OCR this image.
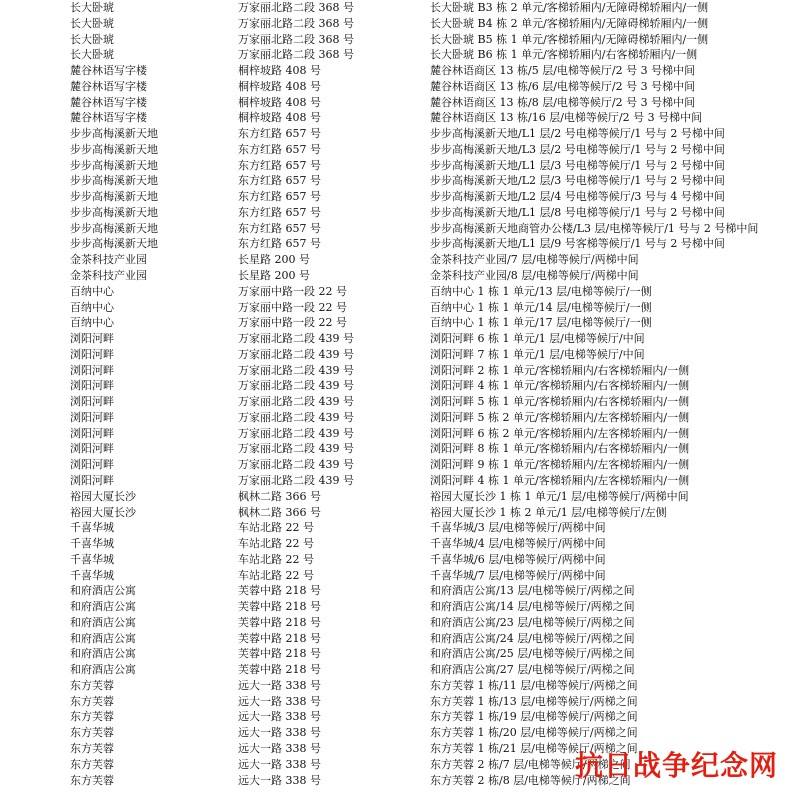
长大卧琥	万家丽北路二段 368 号	长大卧琥 B3 栋 2 单元/客梯轿厢内/无障碍梯轿厢内/一侧
长大卧琥	万家丽北路二段 368 号	长大卧琥 B4 栋 2 单元/客梯轿厢内/无障碍梯轿厢内/一侧
长大卧琥	万家丽北路二段 368 号	长大卧琥 B5 栋 1 单元/客梯轿厢内/无障碍梯轿厢内/一侧
长大卧琥	万家丽北路二段 368 号	长大卧琥 B6 栋 1 单元/客梯轿厢内/右客梯轿厢内/一侧
麓谷林语写字楼	桐梓坡路 408 号	麓谷林语商区 13 栋/5 层/电梯等候厅/2 号 3 号梯中间
麓谷林语写字楼	桐梓坡路 408 号	麓谷林语商区 13 栋/6 层/电梯等候厅/2 号 3 号梯中间
麓谷林语写字楼	桐梓坡路 408 号	麓谷林语商区 13 栋/8 层/电梯等候厅/2 号 3 号梯中间
麓谷林语写字楼	桐梓坡路 408 号	麓谷林语商区 13 栋/16 层/电梯等候厅/2 号 3 号梯中间
步步高梅溪新天地	东方红路 657 号	步步高梅溪新天地/L1 层/2 号电梯等候厅/1 号与 2 号梯中间
步步高梅溪新天地	东方红路 657 号	步步高梅溪新天地/L3 层/2 号电梯等候厅/1 号与 2 号梯中间
步步高梅溪新天地	东方红路 657 号	步步高梅溪新天地/L1 层/3 号电梯等候厅/1 号与 2 号梯中间
步步高梅溪新天地	东方红路 657 号	步步高梅溪新天地/L2 层/3 号电梯等候厅/1 号与 2 号梯中间
步步高梅溪新天地	东方红路 657 号	步步高梅溪新天地/L2 层/4 号电梯等候厅/3 号与 4 号梯中间
步步高梅溪新天地	东方红路 657 号	步步高梅溪新天地/L1 层/8 号电梯等候厅/1 号与 2 号梯中间
步步高梅溪新天地	东方红路 657 号	步步高梅溪新天地商管办公楼/L3 层/电梯等候厅/1 号与 2 号梯中间
步步高梅溪新天地	东方红路 657 号	步步高梅溪新天地/L1 层/9 号客梯等候厅/1 号与 2 号梯中间
金茶科技产业园	长星路 200 号	金茶科技产业园/7 层/电梯等候厅/两梯中间
金茶科技产业园	长星路 200 号	金茶科技产业园/8 层/电梯等候厅/两梯中间
百纳中心	万家丽中路一段 22 号	百纳中心 1 栋 1 单元/13 层/电梯等候厅/一侧
百纳中心	万家丽中路一段 22 号	百纳中心 1 栋 1 单元/14 层/电梯等候厅/一侧
百纳中心	万家丽中路一段 22 号	百纳中心 1 栋 1 单元/17 层/电梯等候厅/一侧
浏阳河畔	万家丽北路二段 439 号	浏阳河畔 6 栋 1 单元/1 层/电梯等候厅/中间
浏阳河畔	万家丽北路二段 439 号	浏阳河畔 7 栋 1 单元/1 层/电梯等候厅/中间
浏阳河畔	万家丽北路二段 439 号	浏阳河畔 2 栋 1 单元/客梯轿厢内/右客梯轿厢内/一侧
浏阳河畔	万家丽北路二段 439 号	浏阳河畔 4 栋 1 单元/客梯轿厢内/右客梯轿厢内/一侧
浏阳河畔	万家丽北路二段 439 号	浏阳河畔 5 栋 1 单元/客梯轿厢内/右客梯轿厢内/一侧
浏阳河畔	万家丽北路二段 439 号	浏阳河畔 5 栋 2 单元/客梯轿厢内/左客梯轿厢内/一侧
浏阳河畔	万家丽北路二段 439 号	浏阳河畔 6 栋 2 单元/客梯轿厢内/左客梯轿厢内/一侧
浏阳河畔	万家丽北路二段 439 号	浏阳河畔 8 栋 1 单元/客梯轿厢内/右客梯轿厢内/一侧
浏阳河畔	万家丽北路二段 439 号	浏阳河畔 9 栋 1 单元/客梯轿厢内/左客梯轿厢内/一侧
浏阳河畔	万家丽北路二段 439 号	浏阳河畔 4 栋 1 单元/客梯轿厢内/左客梯轿厢内/一侧
裕园大厦长沙	枫林二路 366 号	裕园大厦长沙 1 栋 1 单元/1 层/电梯等候厅/两梯中间
裕园大厦长沙	枫林二路 366 号	裕园大厦长沙 1 栋 2 单元/1 层/电梯等候厅/左侧
千喜华城	车站北路 22 号	千喜华城/3 层/电梯等候厅/两梯中间
千喜华城	车站北路 22 号	千喜华城/4 层/电梯等候厅/两梯中间
千喜华城	车站北路 22 号	千喜华城/6 层/电梯等候厅/两梯中间
千喜华城	车站北路 22 号	千喜华城/7 层/电梯等候厅/两梯中间
和府酒店公寓	芙蓉中路 218 号	和府酒店公寓/13 层/电梯等候厅/两梯之间
和府酒店公寓	芙蓉中路 218 号	和府酒店公寓/14 层/电梯等候厅/两梯之间
和府酒店公寓	芙蓉中路 218 号	和府酒店公寓/23 层/电梯等候厅/两梯之间
和府酒店公寓	芙蓉中路 218 号	和府酒店公寓/24 层/电梯等候厅/两梯之间
和府酒店公寓	芙蓉中路 218 号	和府酒店公寓/25 层/电梯等候厅/两梯之间
和府酒店公寓	芙蓉中路 218 号	和府酒店公寓/27 层/电梯等候厅/两梯之间
东方芙蓉	远大一路 338 号	东方芙蓉 1 栋/11 层/电梯等候厅/两梯之间
东方芙蓉	远大一路 338 号	东方芙蓉 1 栋/13 层/电梯等候厅/两梯之间
东方芙蓉	远大一路 338 号	东方芙蓉 1 栋/19 层/电梯等候厅/两梯之间
东方芙蓉	远大一路 338 号	东方芙蓉 1 栋/20 层/电梯等候厅/两梯之间
东方芙蓉	远大一路 338 号	东方芙蓉 1 栋/21 层/电梯等候厅/两梯之间
东方芙蓉	远大一路 338 号	东方芙蓉 2 栋/7 层/电梯等候厅/两梯之间
东方芙蓉	远大一路 338 号	东方芙蓉 2 栋/8 层/电梯等候厅/两梯之间
抗日战争纪念网
